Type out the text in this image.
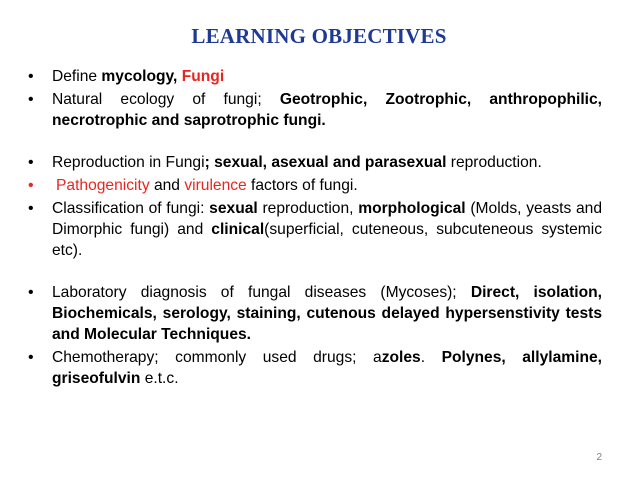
LEARNING OBJECTIVES
• Define mycology, Fungi
• Natural ecology of fungi; Geotrophic, Zootrophic, anthropophilic, necrotrophic and saprotrophic fungi.
• Reproduction in Fungi; sexual, asexual and parasexual reproduction.
• Pathogenicity and virulence factors of fungi.
• Classification of fungi: sexual reproduction, morphological (Molds, yeasts and Dimorphic fungi) and clinical(superficial, cuteneous, subcuteneous systemic etc).
• Laboratory diagnosis of fungal diseases (Mycoses); Direct, isolation, Biochemicals, serology, staining, cutenous delayed hypersenstivity tests and Molecular Techniques.
• Chemotherapy; commonly used drugs; azoles. Polynes, allylamine, griseofulvin e.t.c.
2
